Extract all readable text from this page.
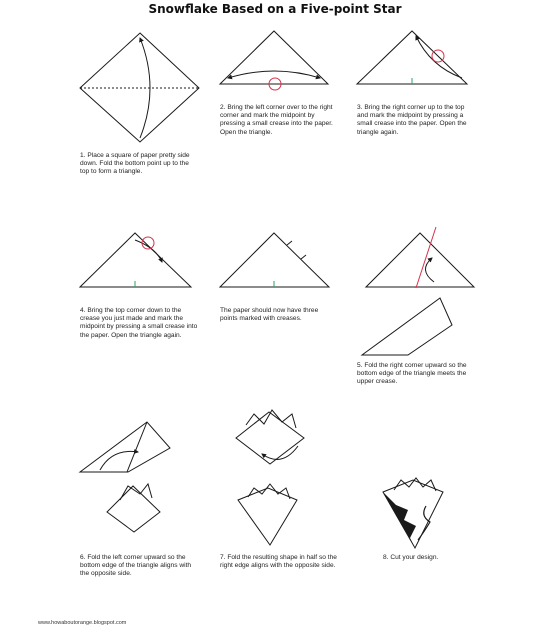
Snowflake Based on a Five-point Star
1. Place a square of paper pretty side down. Fold the bottom point up to the top to form a triangle.
2. Bring the left corner over to the right corner and mark the midpoint by pressing a small crease into the paper. Open the triangle.
3. Bring the right corner up to the top and mark the midpoint by pressing a small crease into the paper. Open the triangle again.
4. Bring the top corner down to the crease you just made and mark the midpoint by pressing a small crease into the paper. Open the triangle again.
The paper should now have three points marked with creases.
5. Fold the right corner upward so the bottom edge of the triangle meets the upper crease.
6. Fold the left corner upward so the bottom edge of the triangle aligns with the opposite side.
7. Fold the resulting shape in half so the right edge aligns with the opposite side.
8. Cut your design.
www.howaboutorange.blogspot.com
